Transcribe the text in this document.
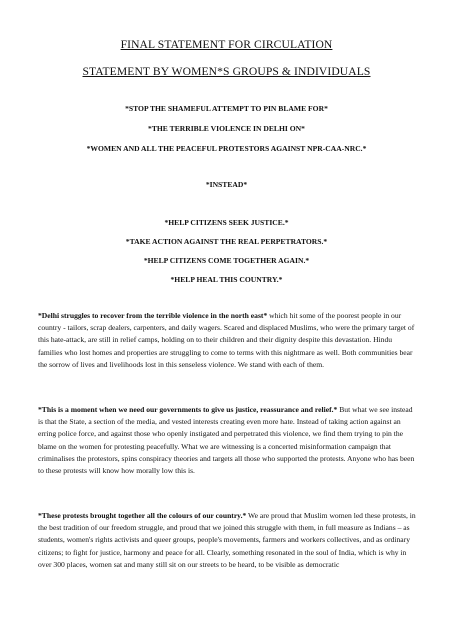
FINAL STATEMENT FOR CIRCULATION
STATEMENT BY WOMEN*S GROUPS & INDIVIDUALS
*STOP THE SHAMEFUL ATTEMPT TO PIN BLAME FOR*
*THE TERRIBLE VIOLENCE IN DELHI ON*
*WOMEN AND ALL THE PEACEFUL PROTESTORS AGAINST NPR-CAA-NRC.*
*INSTEAD*
*HELP CITIZENS SEEK JUSTICE.*
*TAKE ACTION AGAINST THE REAL PERPETRATORS.*
*HELP CITIZENS COME TOGETHER AGAIN.*
*HELP HEAL THIS COUNTRY.*

*Delhi struggles to recover from the terrible violence in the north east* which hit some of the poorest people in our country - tailors, scrap dealers, carpenters, and daily wagers. Scared and displaced Muslims, who were the primary target of this hate-attack, are still in relief camps, holding on to their children and their dignity despite this devastation. Hindu families who lost homes and properties are struggling to come to terms with this nightmare as well. Both communities bear the sorrow of lives and livelihoods lost in this senseless violence. We stand with each of them.

*This is a moment when we need our governments to give us justice, reassurance and relief.* But what we see instead is that the State, a section of the media, and vested interests creating even more hate. Instead of taking action against an erring police force, and against those who openly instigated and perpetrated this violence, we find them trying to pin the blame on the women for protesting peacefully. What we are witnessing is a concerted misinformation campaign that criminalises the protestors, spins conspiracy theories and targets all those who supported the protests. Anyone who has been to these protests will know how morally low this is.

*These protests brought together all the colours of our country.* We are proud that Muslim women led these protests, in the best tradition of our freedom struggle, and proud that we joined this struggle with them, in full measure as Indians – as students, women's rights activists and queer groups, people's movements, farmers and workers collectives, and as ordinary citizens; to fight for justice, harmony and peace for all. Clearly, something resonated in the soul of India, which is why in over 300 places, women sat and many still sit on our streets to be heard, to be visible as democratic
